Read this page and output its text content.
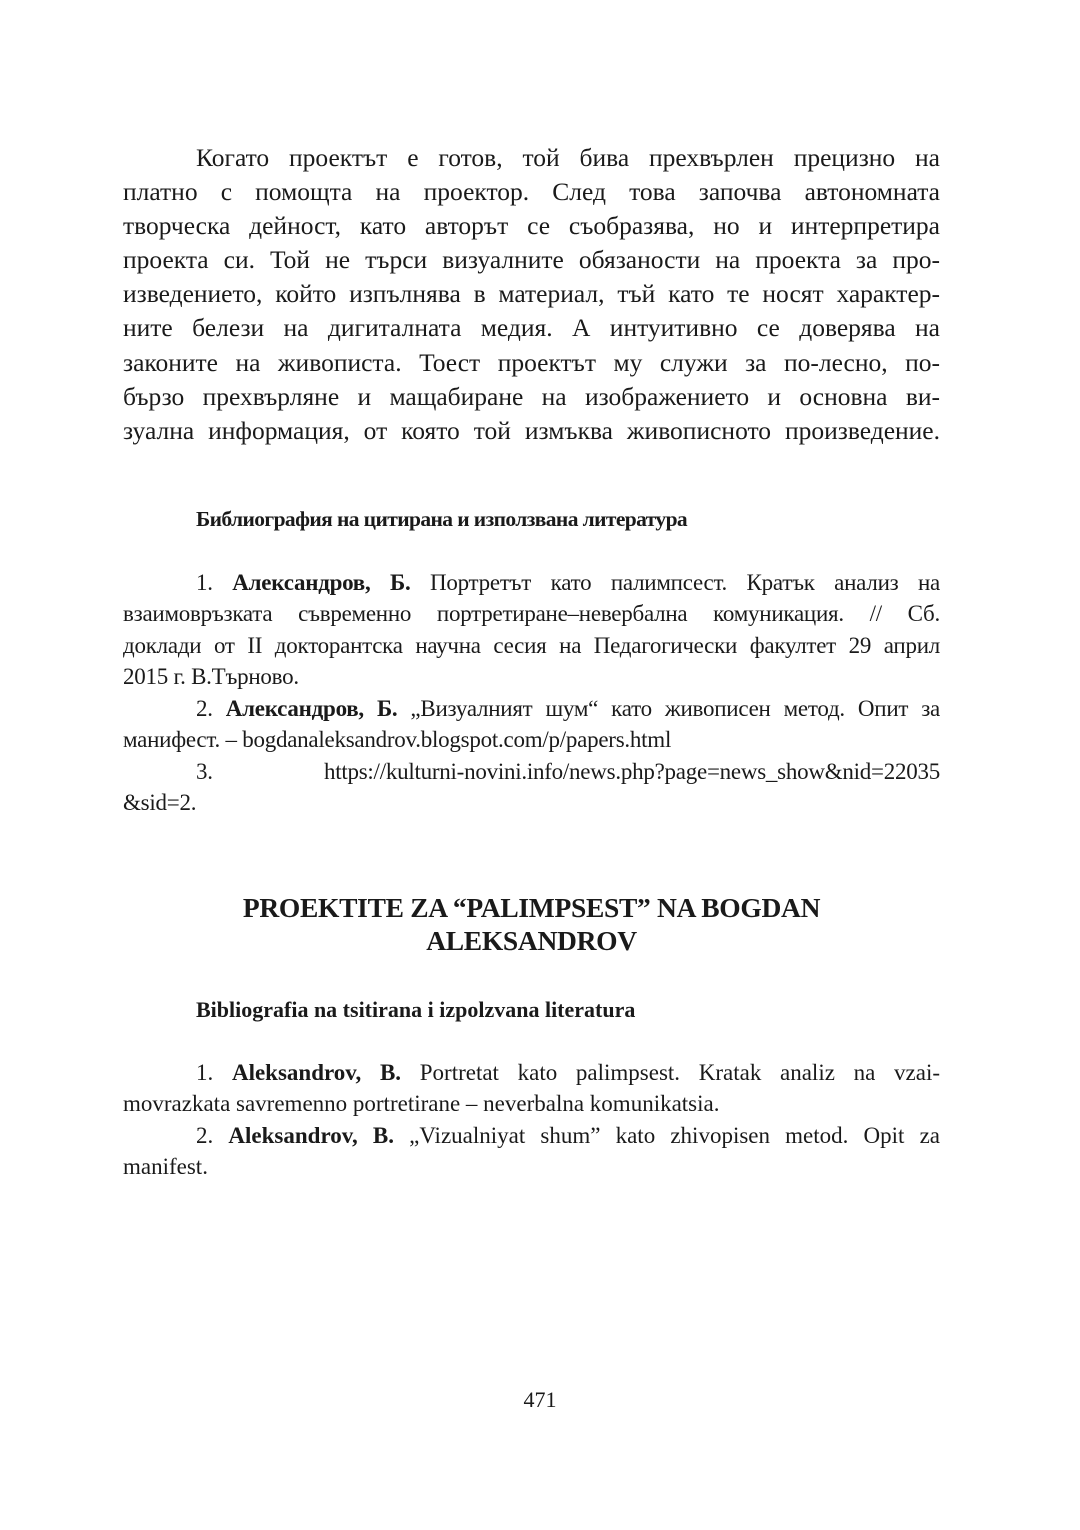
Когато проектът е готов, той бива прехвърлен прецизно на
платно с помощта на проектор. След това започва автономната
творческа дейност, като авторът се съобразява, но и интерпретира
проекта си. Той не търси визуалните обязаности на проекта за про-
изведението, който изпълнява в материал, тъй като те носят характер-
ните белези на дигиталната медия. А интуитивно се доверява на
законите на живописта. Тоест проектът му служи за по-лесно, по-
бързо прехвърляне и мащабиране на изображението и основна ви-
зуална информация, от която той измъква живописното произведение.

Библиография на цитирана и използвана литература

1. Александров, Б. Портретът като палимпсест. Кратък анализ на
взаимовръзката съвременно портретиране–невербална комуникация. // Сб.
доклади от II докторантска научна сесия на Педагогически факултет 29 април
2015 г. В.Търново.

2. Александров, Б. „Визуалният шум“ като живописен метод. Опит за
манифест. – bogdanaleksandrov.blogspot.com/p/papers.html

3.	https://kulturni-novini.info/news.php?page=news_show&nid=22035
&sid=2.

PROEKTITE ZA “PALIMPSEST” NA BOGDAN
ALEKSANDROV
Bibliografia na tsitirana i izpolzvana literatura

1. Aleksandrov, B. Portretat kato palimpsest. Kratak analiz na vzai-
movrazkata savremenno portretirane – neverbalna komunikatsia.

2. Aleksandrov, B. „Vizualniyat shum” kato zhivopisen metod. Opit za
manifest.

471
